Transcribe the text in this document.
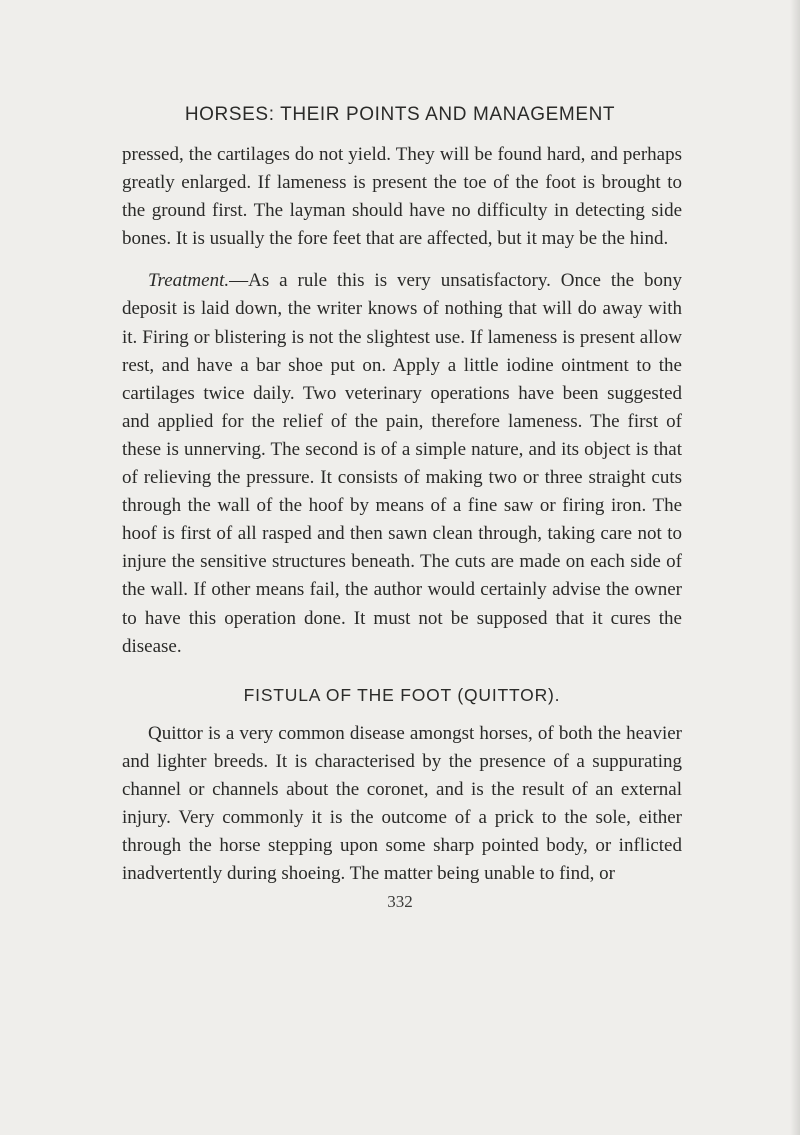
HORSES: THEIR POINTS AND MANAGEMENT

pressed, the cartilages do not yield. They will be found hard, and perhaps greatly enlarged. If lameness is present the toe of the foot is brought to the ground first. The layman should have no difficulty in detecting side bones. It is usually the fore feet that are affected, but it may be the hind.

Treatment.—As a rule this is very unsatisfactory. Once the bony deposit is laid down, the writer knows of nothing that will do away with it. Firing or blistering is not the slightest use. If lameness is present allow rest, and have a bar shoe put on. Apply a little iodine ointment to the cartilages twice daily. Two veterinary operations have been suggested and applied for the relief of the pain, therefore lameness. The first of these is unnerving. The second is of a simple nature, and its object is that of relieving the pressure. It consists of making two or three straight cuts through the wall of the hoof by means of a fine saw or firing iron. The hoof is first of all rasped and then sawn clean through, taking care not to injure the sensitive structures beneath. The cuts are made on each side of the wall. If other means fail, the author would certainly advise the owner to have this operation done. It must not be supposed that it cures the disease.

FISTULA OF THE FOOT (QUITTOR).

Quittor is a very common disease amongst horses, of both the heavier and lighter breeds. It is characterised by the presence of a suppurating channel or channels about the coronet, and is the result of an external injury. Very commonly it is the outcome of a prick to the sole, either through the horse stepping upon some sharp pointed body, or inflicted inadvertently during shoeing. The matter being unable to find, or

332
